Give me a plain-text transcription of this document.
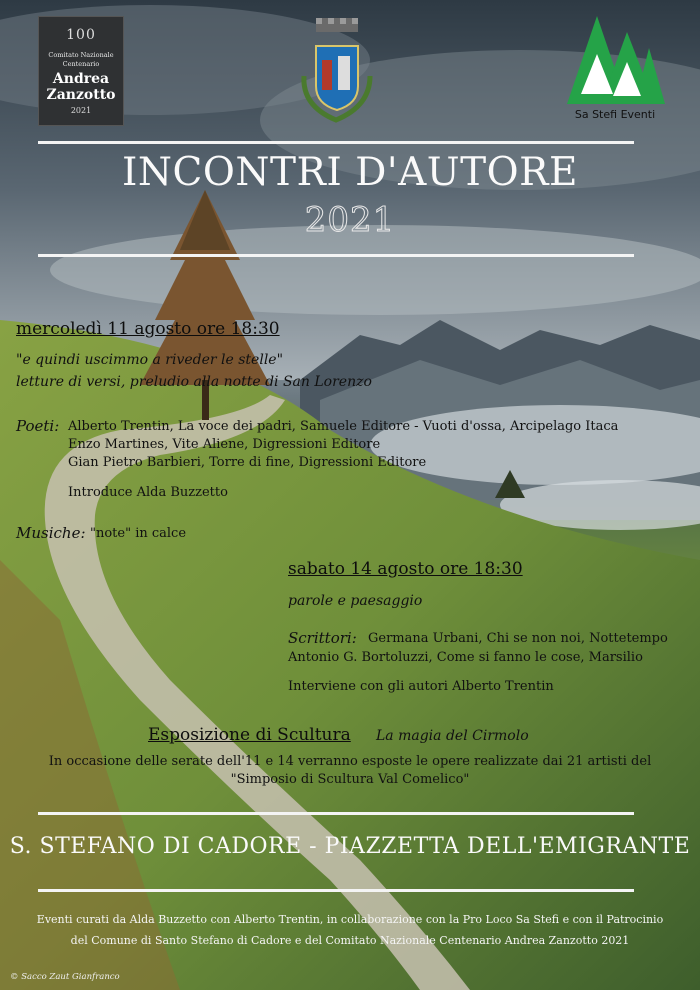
100
Comitato Nazionale
Centenario
Andrea
Zanzotto
2021	Sa Stefi Eventi
INCONTRI D'AUTORE
2021
mercoledì 11 agosto ore 18:30
"e quindi uscimmo a riveder le stelle"
letture di versi, preludio alla notte di San Lorenzo
Poeti: Alberto Trentin, La voce dei padri, Samuele Editore - Vuoti d'ossa, Arcipelago Itaca
Enzo Martines, Vite Aliene, Digressioni Editore
Gian Pietro Barbieri, Torre di fine, Digressioni Editore
Introduce Alda Buzzetto
Musiche: "note" in calce
sabato 14 agosto ore 18:30
parole e paesaggio
Scrittori: Germana Urbani, Chi se non noi, Nottetempo
Antonio G. Bortoluzzi, Come si fanno le cose, Marsilio
Interviene con gli autori Alberto Trentin
Esposizione di Scultura La magia del Cirmolo
In occasione delle serate dell'11 e 14 verranno esposte le opere realizzate dai 21 artisti del
"Simposio di Scultura Val Comelico"
S. STEFANO DI CADORE - PIAZZETTA DELL'EMIGRANTE
Eventi curati da Alda Buzzetto con Alberto Trentin, in collaborazione con la Pro Loco Sa Stefi e con il Patrocinio
del Comune di Santo Stefano di Cadore e del Comitato Nazionale Centenario Andrea Zanzotto 2021
© Sacco Zaut Gianfranco
